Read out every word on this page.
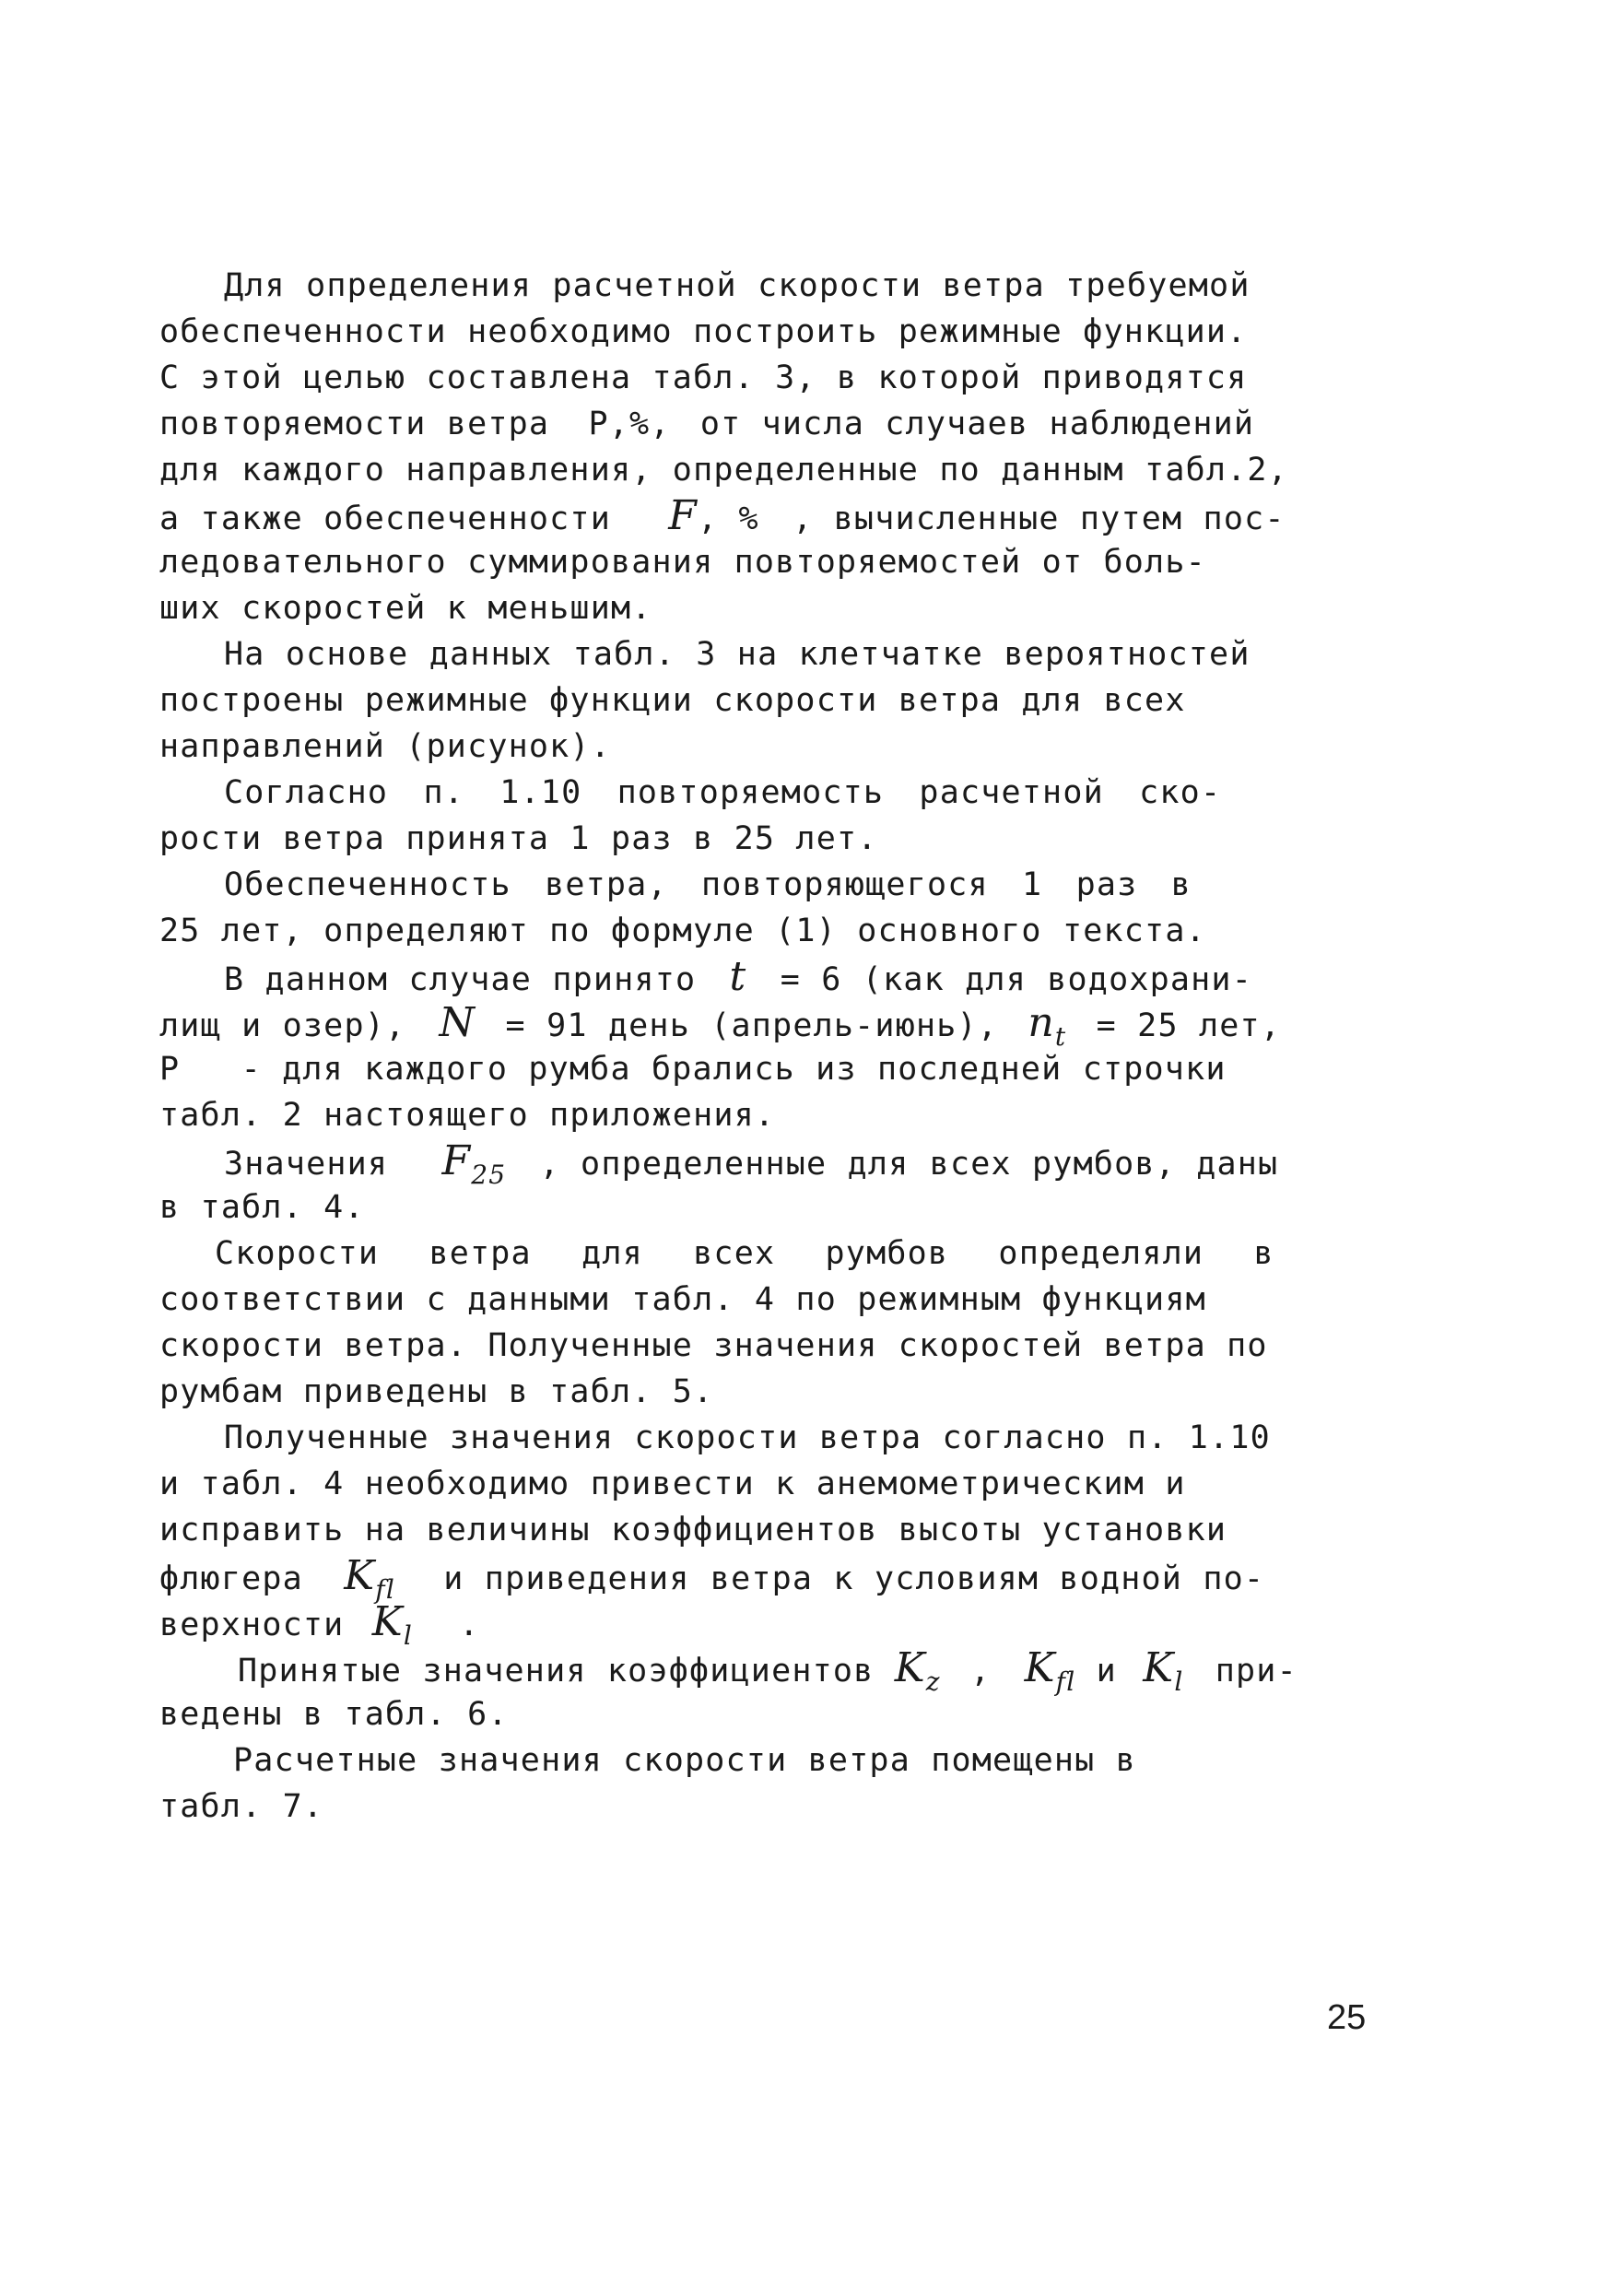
Для определения расчетной скорости ветра требуемой
обеспеченности необходимо построить режимные функции.
С этой целью составлена табл. 3, в которой приводятся
повторяемости ветра P,%, от числа случаев наблюдений
для каждого направления, определенные по данным табл.2,
а также обеспеченности F, % , вычисленные путем пос-
ледовательного суммирования повторяемостей от боль-
ших скоростей к меньшим.
На основе данных табл. 3 на клетчатке вероятностей
построены режимные функции скорости ветра для всех
направлений (рисунок).
Согласно п. 1.10 повторяемость расчетной ско-
рости ветра принята 1 раз в 25 лет.
Обеспеченность ветра, повторяющегося 1 раз в
25 лет, определяют по формуле (1) основного текста.
В данном случае принято t = 6 (как для водохрани-
лищ и озер), N = 91 день (апрель-июнь), $n_t = 25$ лет,
P - для каждого румба брались из последней строчки
табл. 2 настоящего приложения.
Значения $F_{25}$ , определенные для всех румбов, даны
в табл. 4.
Скорости ветра для всех румбов определяли в
соответствии с данными табл. 4 по режимным функциям
скорости ветра. Полученные значения скоростей ветра по
румбам приведены в табл. 5.
Полученные значения скорости ветра согласно п. 1.10
и табл. 4 необходимо привести к анемометрическим и
исправить на величины коэффициентов высоты установки
флюгера $K_{fl}$ и приведения ветра к условиям водной по-
верхности $K_l$ .
Принятые значения коэффициентов $K_z$ , $K_{fl}$ и $K_l$ при-
ведены в табл. 6.
Расчетные значения скорости ветра помещены в
табл. 7.
25
